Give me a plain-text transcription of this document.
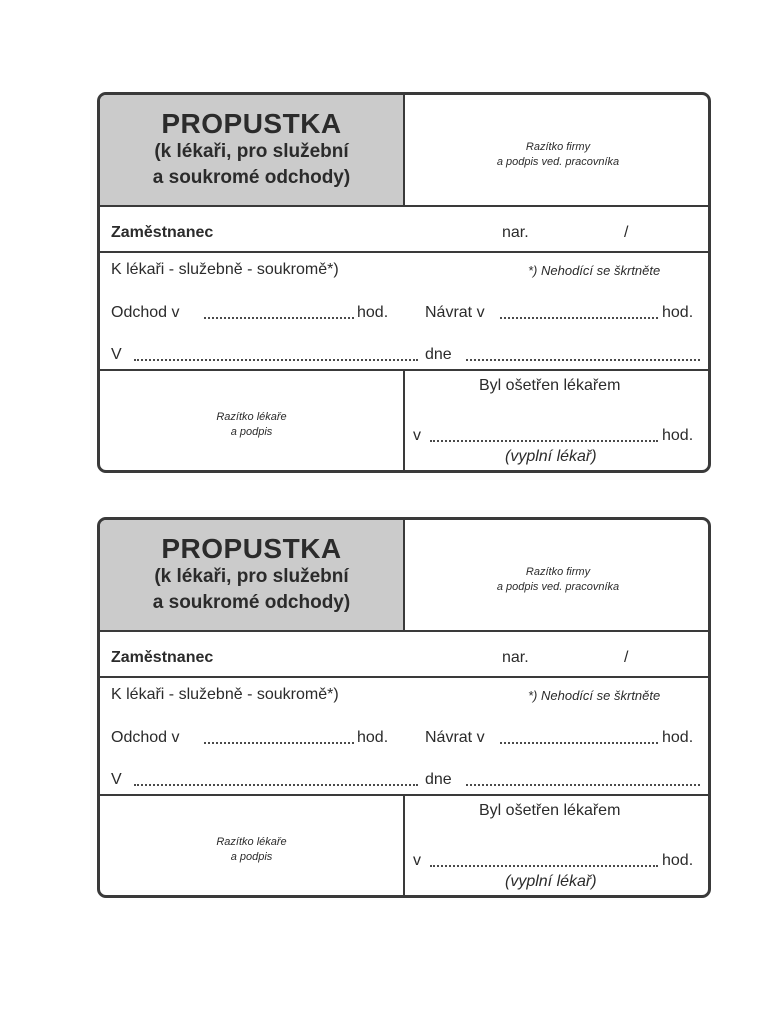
PROPUSTKA
(k lékaři, pro služební
a soukromé odchody)
Razítko firmy
a podpis ved. pracovníka
Zaměstnanec	nar.	/
K lékaři - služebně - soukromě*)	*) Nehodící se škrtněte
Odchod v	hod. Návrat v	hod.
V	dne
Razítko lékaře
a podpis
Byl ošetřen lékařem
v	hod.
(vyplní lékař)
PROPUSTKA
(k lékaři, pro služební
a soukromé odchody)
Razítko firmy
a podpis ved. pracovníka
Zaměstnanec	nar.	/
K lékaři - služebně - soukromě*)	*) Nehodící se škrtněte
Odchod v	hod. Návrat v	hod.
V	dne
Razítko lékaře
a podpis
Byl ošetřen lékařem
v	hod.
(vyplní lékař)
